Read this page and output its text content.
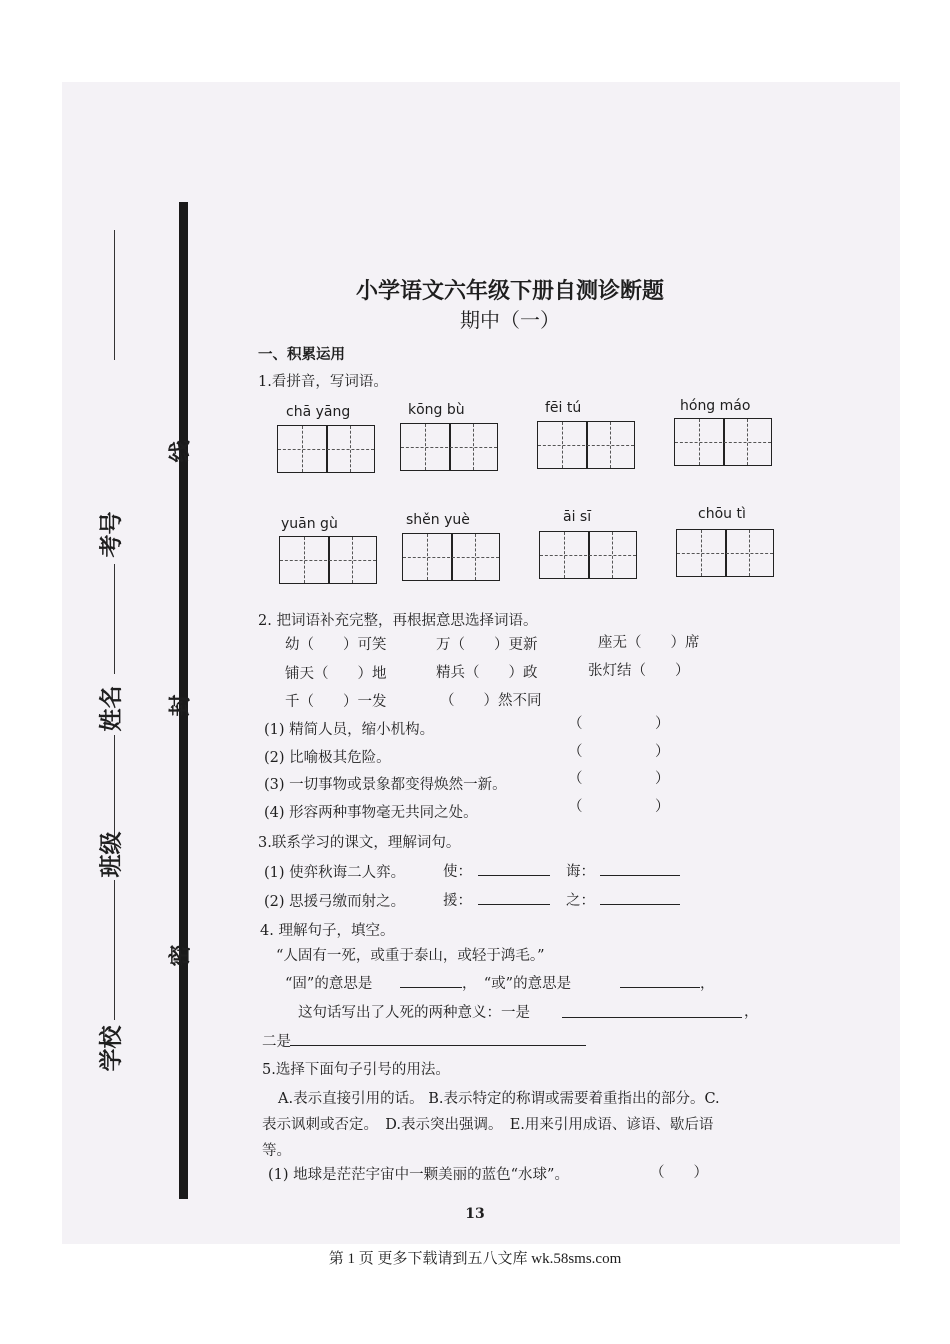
考号
姓名
班级
学校
线
封
密
小学语文六年级下册自测诊断题
期中（一）
一、积累运用
1.看拼音，写词语。
chā yāng	kōng bù	fēi tú	hóng máo
yuān gù	shěn yuè	āi sī	chōu tì
2. 把词语补充完整，再根据意思选择词语。
幼（　　）可笑	万（　　）更新	座无（　　）席
铺天（　　）地	精兵（　　）政	张灯结（　　）
千（　　）一发	（　　）然不同
(1) 精简人员，缩小机构。	（　　　　　）
(2) 比喻极其危险。	（　　　　　）
(3) 一切事物或景象都变得焕然一新。	（　　　　　）
(4) 形容两种事物毫无共同之处。	（　　　　　）
3.联系学习的课文，理解词句。
(1) 使弈秋诲二人弈。	使：	诲：
(2) 思援弓缴而射之。	援：	之：
4. 理解句子，填空。
“人固有一死，或重于泰山，或轻于鸿毛。”
“固”的意思是	，　“或”的意思是	，
这句话写出了人死的两种意义：一是	，
二是
5.选择下面句子引号的用法。
A.表示直接引用的话。 B.表示特定的称谓或需要着重指出的部分。C.
表示讽刺或否定。　D.表示突出强调。　E.用来引用成语、谚语、歇后语
等。
(1) 地球是茫茫宇宙中一颗美丽的蓝色“水球”。	（　　）
13
第 1 页 更多下载请到五八文库 wk.58sms.com
